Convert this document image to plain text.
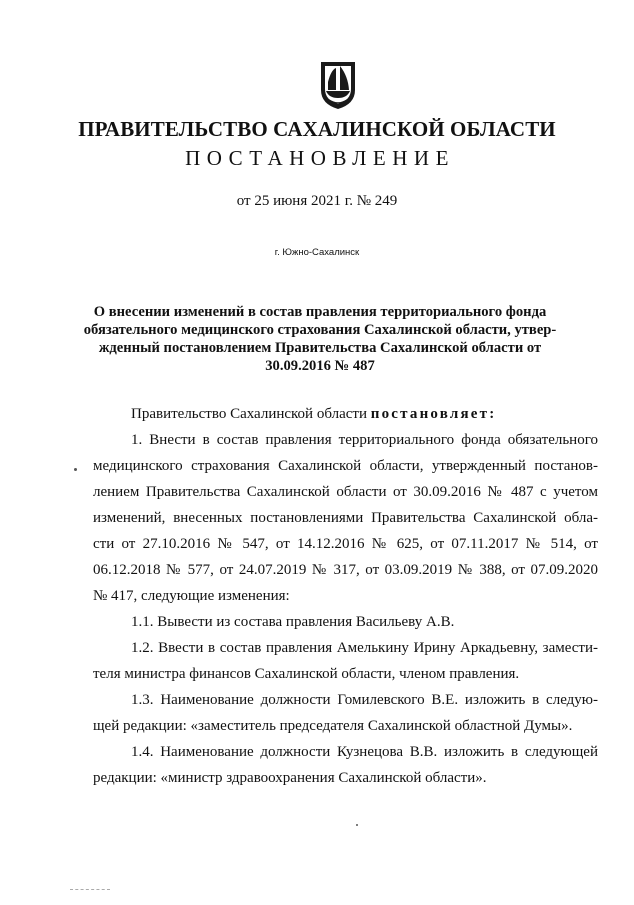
ПРАВИТЕЛЬСТВО САХАЛИНСКОЙ ОБЛАСТИ
ПОСТАНОВЛЕНИЕ
от 25 июня 2021 г. № 249
г. Южно-Сахалинск
О внесении изменений в состав правления территориального фонда
обязательного медицинского страхования Сахалинской области, утвер-
жденный постановлением Правительства Сахалинской области от
30.09.2016 № 487
Правительство Сахалинской области постановляет:
1. Внести в состав правления территориального фонда обязательного
медицинского страхования Сахалинской области, утвержденный постанов-
лением Правительства Сахалинской области от 30.09.2016 № 487 с учетом
изменений, внесенных постановлениями Правительства Сахалинской обла-
сти от 27.10.2016 № 547, от 14.12.2016 № 625, от 07.11.2017 № 514, от
06.12.2018 № 577, от 24.07.2019 № 317, от 03.09.2019 № 388, от 07.09.2020
№ 417, следующие изменения:
1.1. Вывести из состава правления Васильеву А.В.
1.2. Ввести в состав правления Амелькину Ирину Аркадьевну, замести-
теля министра финансов Сахалинской области, членом правления.
1.3. Наименование должности Гомилевского В.Е. изложить в следую-
щей редакции: «заместитель председателя Сахалинской областной Думы».
1.4. Наименование должности Кузнецова В.В. изложить в следующей
редакции: «министр здравоохранения Сахалинской области».
